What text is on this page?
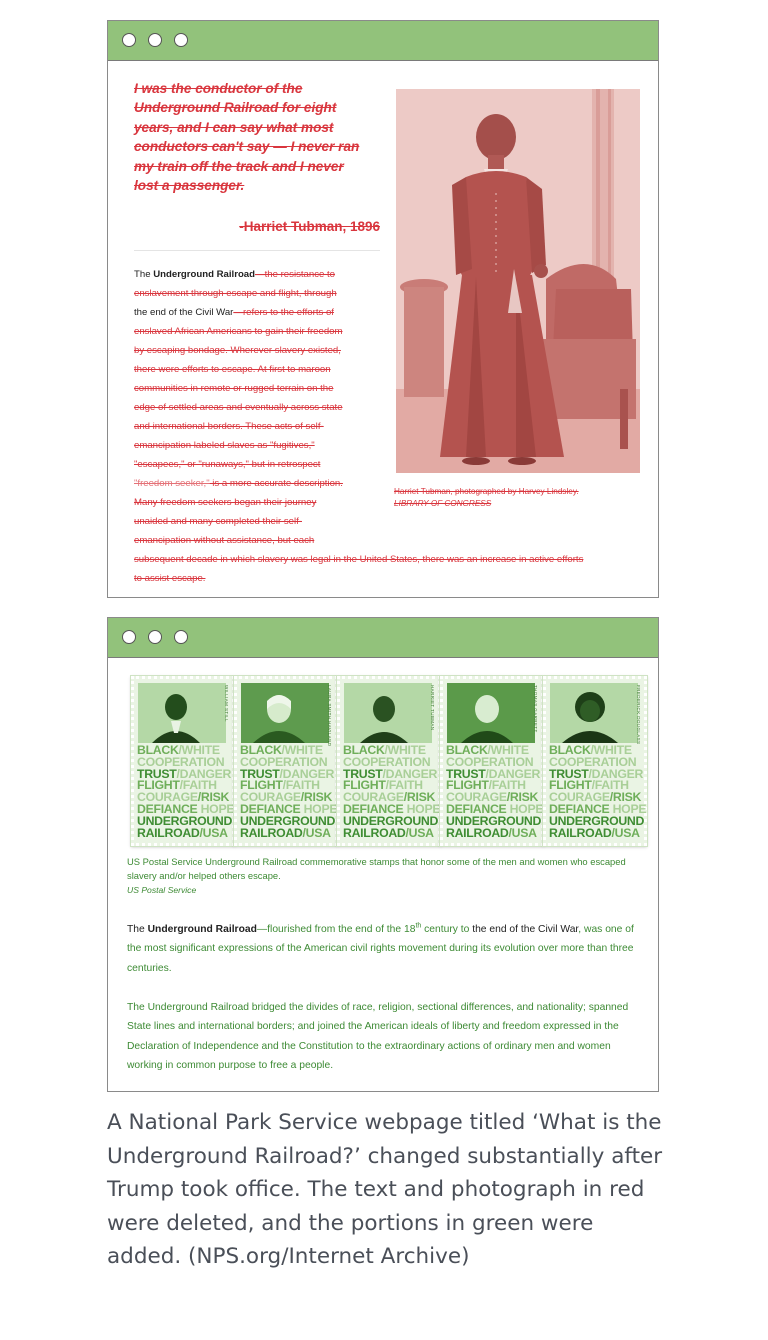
I was the conductor of the Underground Railroad for eight years, and I can say what most conductors can't say — I never ran my train off the track and I never lost a passenger.
-Harriet Tubman, 1896
The Underground Railroad—the resistance to
enslavement through escape and flight, through
the end of the Civil War—refers to the efforts of
enslaved African Americans to gain their freedom
by escaping bondage. Wherever slavery existed,
there were efforts to escape. At first to maroon
communities in remote or rugged terrain on the
edge of settled areas and eventually across state
and international borders. These acts of self-
emancipation labeled slaves as "fugitives,"
"escapees," or "runaways," but in retrospect
"freedom seeker," is a more accurate description.
Many freedom seekers began their journey
unaided and many completed their self-
emancipation without assistance, but each
subsequent decade in which slavery was legal in the United States, there was an increase in active efforts
to assist escape.
Harriet Tubman, photographed by Harvey Lindsley.
LIBRARY OF CONGRESS
WILLIAM STILL
BLACK/WHITE
COOPERATION
TRUST/DANGER
FLIGHT/FAITH
COURAGE/RISK
DEFIANCE HOPE
UNDERGROUND
RAILROAD/USA
LAURA SMITH HAVILAND
BLACK/WHITE
COOPERATION
TRUST/DANGER
FLIGHT/FAITH
COURAGE/RISK
DEFIANCE HOPE
UNDERGROUND
RAILROAD/USA
HARRIET TUBMAN
BLACK/WHITE
COOPERATION
TRUST/DANGER
FLIGHT/FAITH
COURAGE/RISK
DEFIANCE HOPE
UNDERGROUND
RAILROAD/USA
THOMAS GARRETT
BLACK/WHITE
COOPERATION
TRUST/DANGER
FLIGHT/FAITH
COURAGE/RISK
DEFIANCE HOPE
UNDERGROUND
RAILROAD/USA
FREDERICK DOUGLASS
BLACK/WHITE
COOPERATION
TRUST/DANGER
FLIGHT/FAITH
COURAGE/RISK
DEFIANCE HOPE
UNDERGROUND
RAILROAD/USA
US Postal Service Underground Railroad commemorative stamps that honor some of the men and women who escaped slavery and/or helped others escape.
US Postal Service
The Underground Railroad—flourished from the end of the 18th century to the end of the Civil War, was one of the most significant expressions of the American civil rights movement during its evolution over more than three centuries.
The Underground Railroad bridged the divides of race, religion, sectional differences, and nationality; spanned State lines and international borders; and joined the American ideals of liberty and freedom expressed in the Declaration of Independence and the Constitution to the extraordinary actions of ordinary men and women working in common purpose to free a people.
A National Park Service webpage titled ‘What is the Underground Railroad?’ changed substantially after Trump took office. The text and photograph in red were deleted, and the portions in green were added. (NPS.org/Internet Archive)
